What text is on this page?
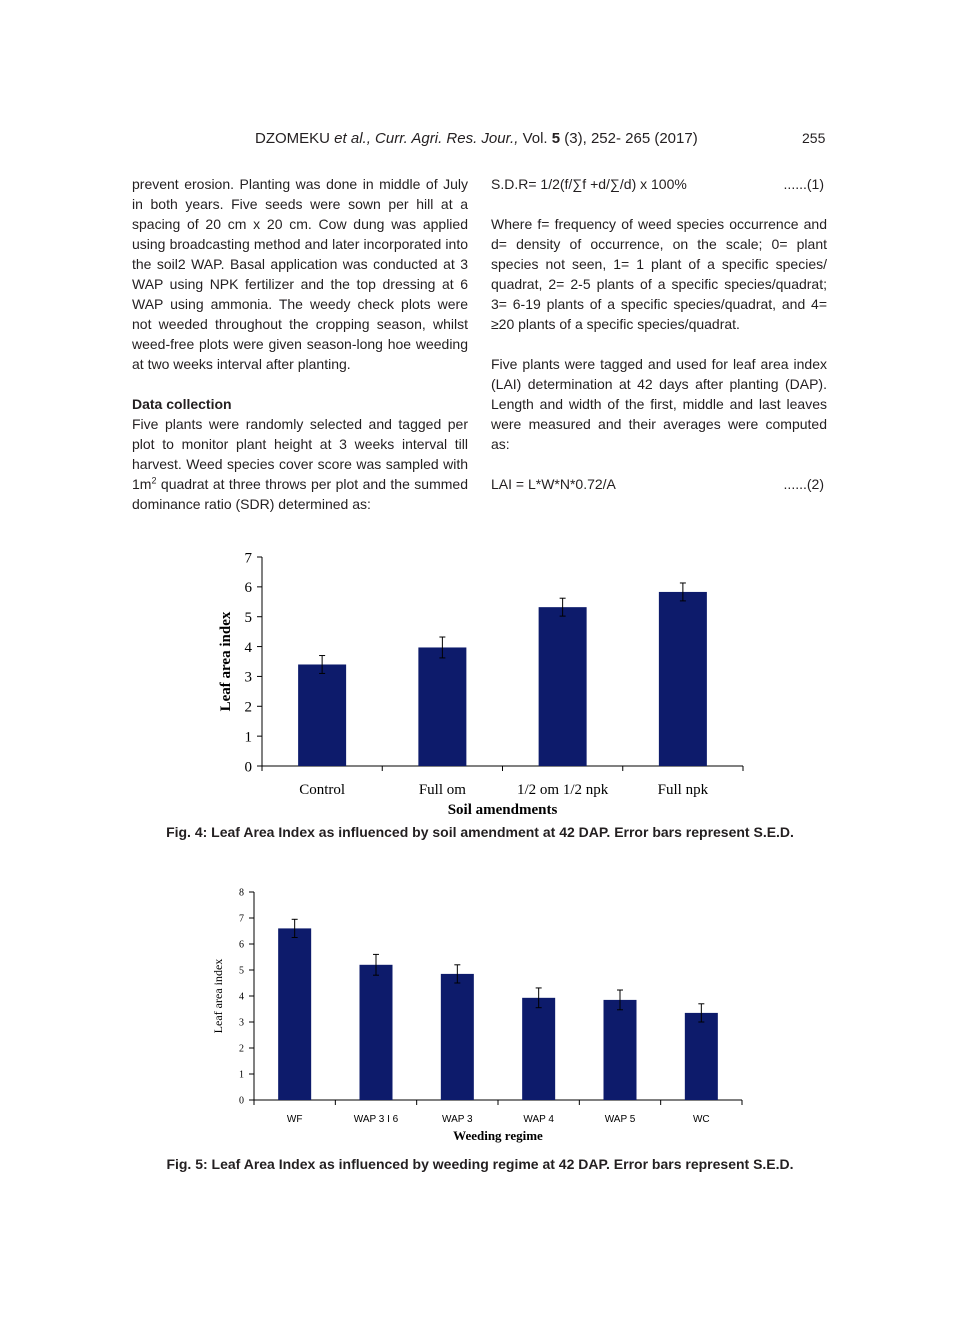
DZOMEKU et al., Curr. Agri. Res. Jour., Vol. 5 (3), 252- 265 (2017)	255

prevent erosion. Planting was done in middle of July in both years. Five seeds were sown per hill at a spacing of 20 cm x 20 cm. Cow dung was applied using broadcasting method and later incorporated into the soil2 WAP. Basal application was conducted at 3 WAP using NPK fertilizer and the top dressing at 6 WAP using ammonia. The weedy check plots were not weeded throughout the cropping season, whilst weed-free plots were given season-long hoe weeding at two weeks interval after planting.

Data collection

Five plants were randomly selected and tagged per plot to monitor plant height at 3 weeks interval till harvest. Weed species cover score was sampled with $1m^2$ quadrat at three throws per plot and the summed dominance ratio (SDR) determined as:

S.D.R= 1/2(f/∑f +d/∑/d) x 100%	......(1)

Where f= frequency of weed species occurrence and d= density of occurrence, on the scale; 0= plant species not seen, 1= 1 plant of a specific species/ quadrat, 2= 2-5 plants of a specific species/quadrat; 3= 6-19 plants of a specific species/quadrat, and 4= ≥20 plants of a specific species/quadrat.

Five plants were tagged and used for leaf area index (LAI) determination at 42 days after planting (DAP). Length and width of the first, middle and last leaves were measured and their averages were computed as:

LAI = L*W*N*0.72/A	......(2)
0
1
2
3
4
5
6
7
Control	Full om	1/2 om 1/2 npk	Full npk
Soil amendments
Leaf area index
Fig. 4: Leaf Area Index as influenced by soil amendment at 42 DAP. Error bars represent S.E.D.
0
1
2
3
4
5
6
7
8
WF	WAP 3 I 6	WAP 3	WAP 4	WAP 5	WC
Weeding regime
Leaf area index
Fig. 5: Leaf Area Index as influenced by weeding regime at 42 DAP. Error bars represent S.E.D.
